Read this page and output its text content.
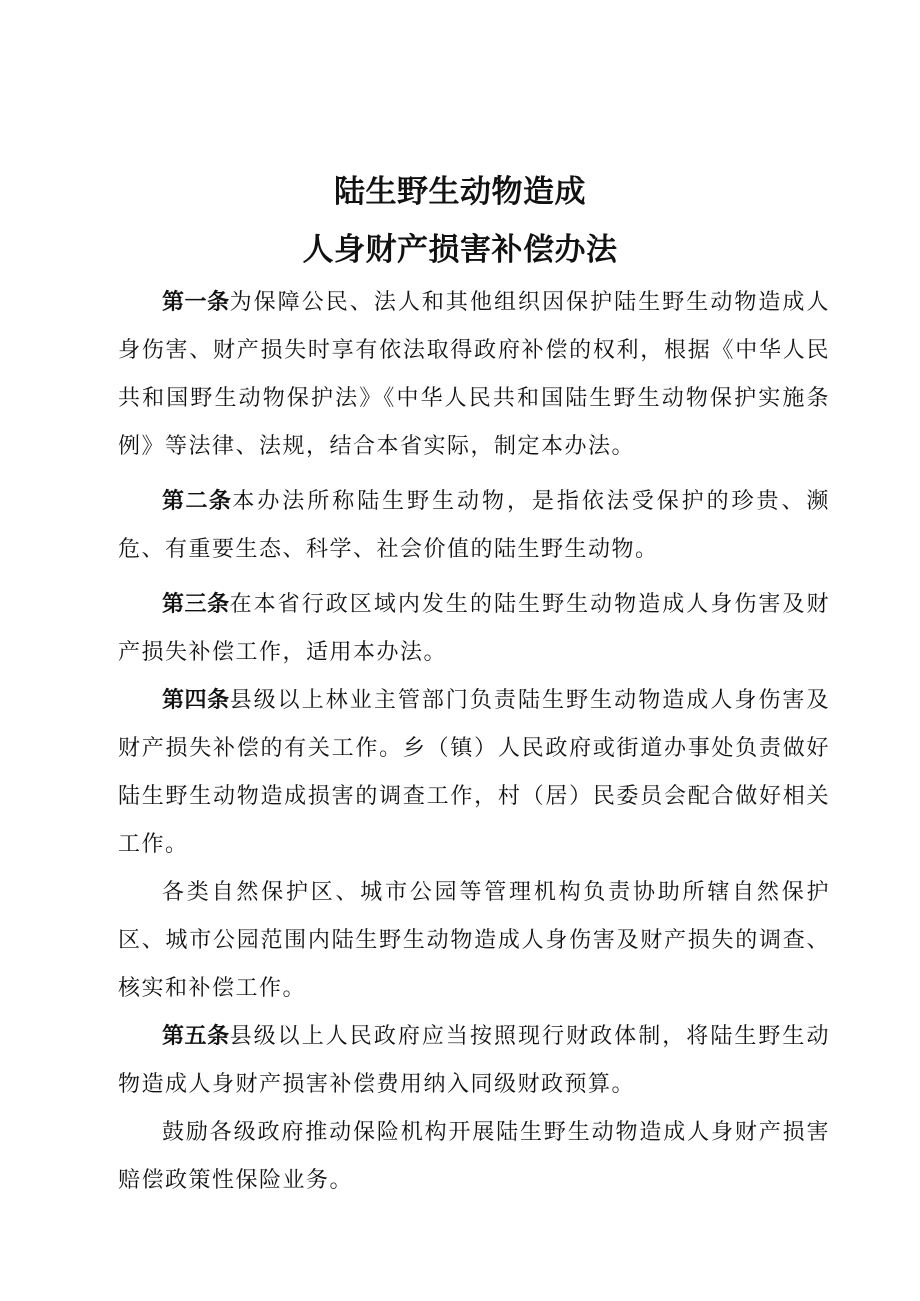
陆生野生动物造成
人身财产损害补偿办法

第一条为保障公民、法人和其他组织因保护陆生野生动物造成人身伤害、财产损失时享有依法取得政府补偿的权利，根据《中华人民共和国野生动物保护法》《中华人民共和国陆生野生动物保护实施条例》等法律、法规，结合本省实际，制定本办法。

第二条本办法所称陆生野生动物，是指依法受保护的珍贵、濒危、有重要生态、科学、社会价值的陆生野生动物。

第三条在本省行政区域内发生的陆生野生动物造成人身伤害及财产损失补偿工作，适用本办法。

第四条县级以上林业主管部门负责陆生野生动物造成人身伤害及财产损失补偿的有关工作。乡（镇）人民政府或街道办事处负责做好陆生野生动物造成损害的调查工作，村（居）民委员会配合做好相关工作。

各类自然保护区、城市公园等管理机构负责协助所辖自然保护区、城市公园范围内陆生野生动物造成人身伤害及财产损失的调查、核实和补偿工作。

第五条县级以上人民政府应当按照现行财政体制，将陆生野生动物造成人身财产损害补偿费用纳入同级财政预算。

鼓励各级政府推动保险机构开展陆生野生动物造成人身财产损害赔偿政策性保险业务。
